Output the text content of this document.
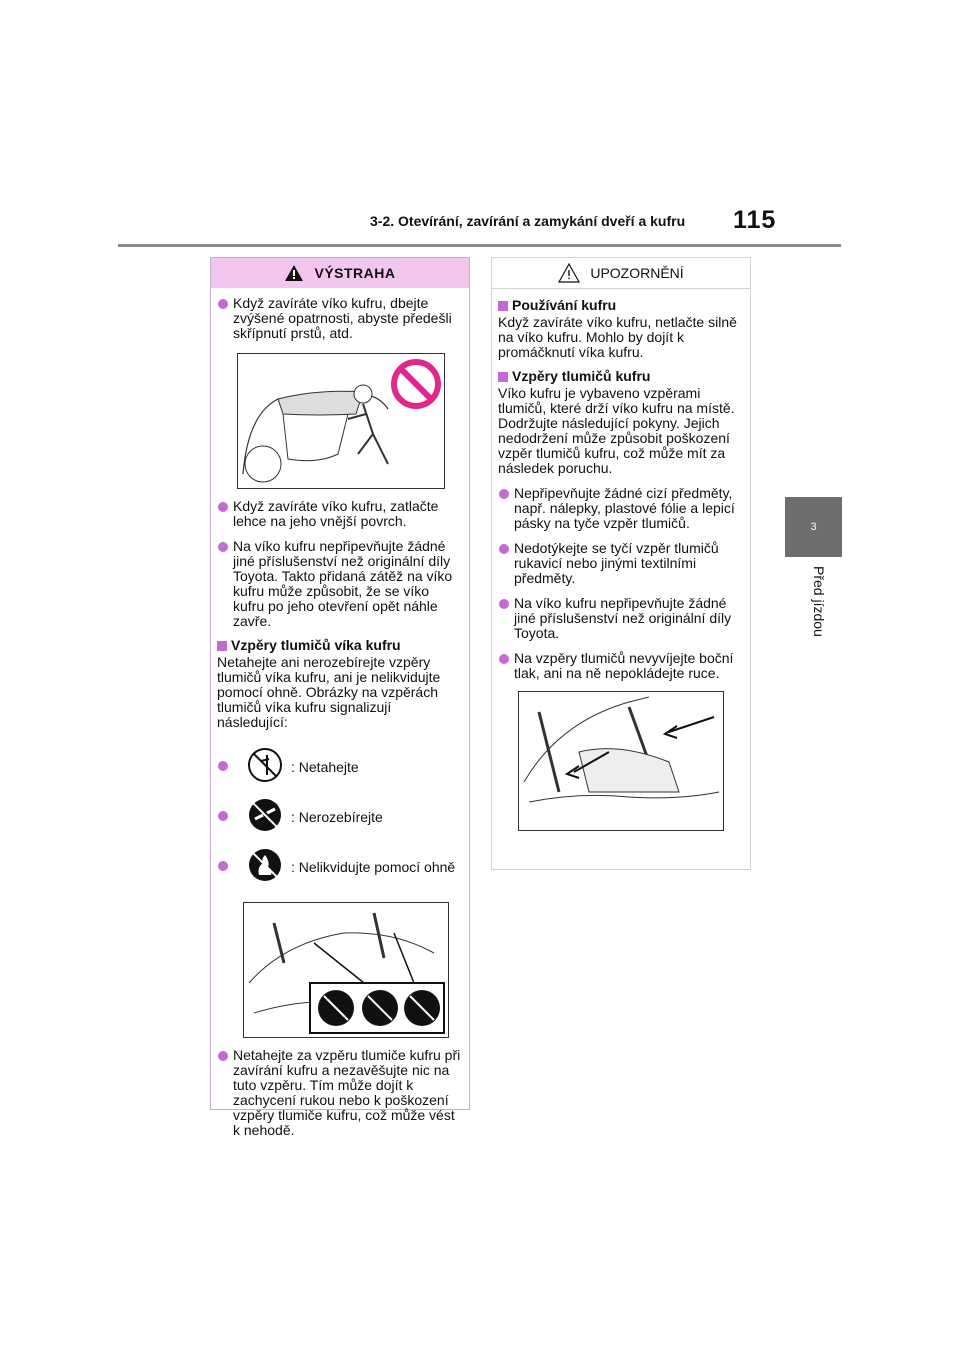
3-2. Otevírání, zavírání a zamykání dveří a kufru 115
3
Před jízdou
VÝSTRAHA
Když zavíráte víko kufru, dbejte zvýšené opatrnosti, abyste předešli skřípnutí prstů, atd.
Když zavíráte víko kufru, zatlačte lehce na jeho vnější povrch.
Na víko kufru nepřipevňujte žádné jiné příslušenství než originální díly Toyota. Takto přidaná zátěž na víko kufru může způsobit, že se víko kufru po jeho otevření opět náhle zavře.
Vzpěry tlumičů víka kufru
Netahejte ani nerozebírejte vzpěry tlumičů víka kufru, ani je nelikvidujte pomocí ohně. Obrázky na vzpěrách tlumičů víka kufru signalizují následující:
: Netahejte
: Nerozebírejte
: Nelikvidujte pomocí ohně
Netahejte za vzpěru tlumiče kufru při zavírání kufru a nezavěšujte nic na tuto vzpěru. Tím může dojít k zachycení rukou nebo k poškození vzpěry tlumiče kufru, což může vést k nehodě.
UPOZORNĚNÍ
Používání kufru
Když zavíráte víko kufru, netlačte silně na víko kufru. Mohlo by dojít k promáčknutí víka kufru.
Vzpěry tlumičů kufru
Víko kufru je vybaveno vzpěrami tlumičů, které drží víko kufru na místě. Dodržujte následující pokyny. Jejich nedodržení může způsobit poškození vzpěr tlumičů kufru, což může mít za následek poruchu.
Nepřipevňujte žádné cizí předměty, např. nálepky, plastové fólie a lepicí pásky na tyče vzpěr tlumičů.
Nedotýkejte se tyčí vzpěr tlumičů rukavicí nebo jinými textilními předměty.
Na víko kufru nepřipevňujte žádné jiné příslušenství než originální díly Toyota.
Na vzpěry tlumičů nevyvíjejte boční tlak, ani na ně nepokládejte ruce.
